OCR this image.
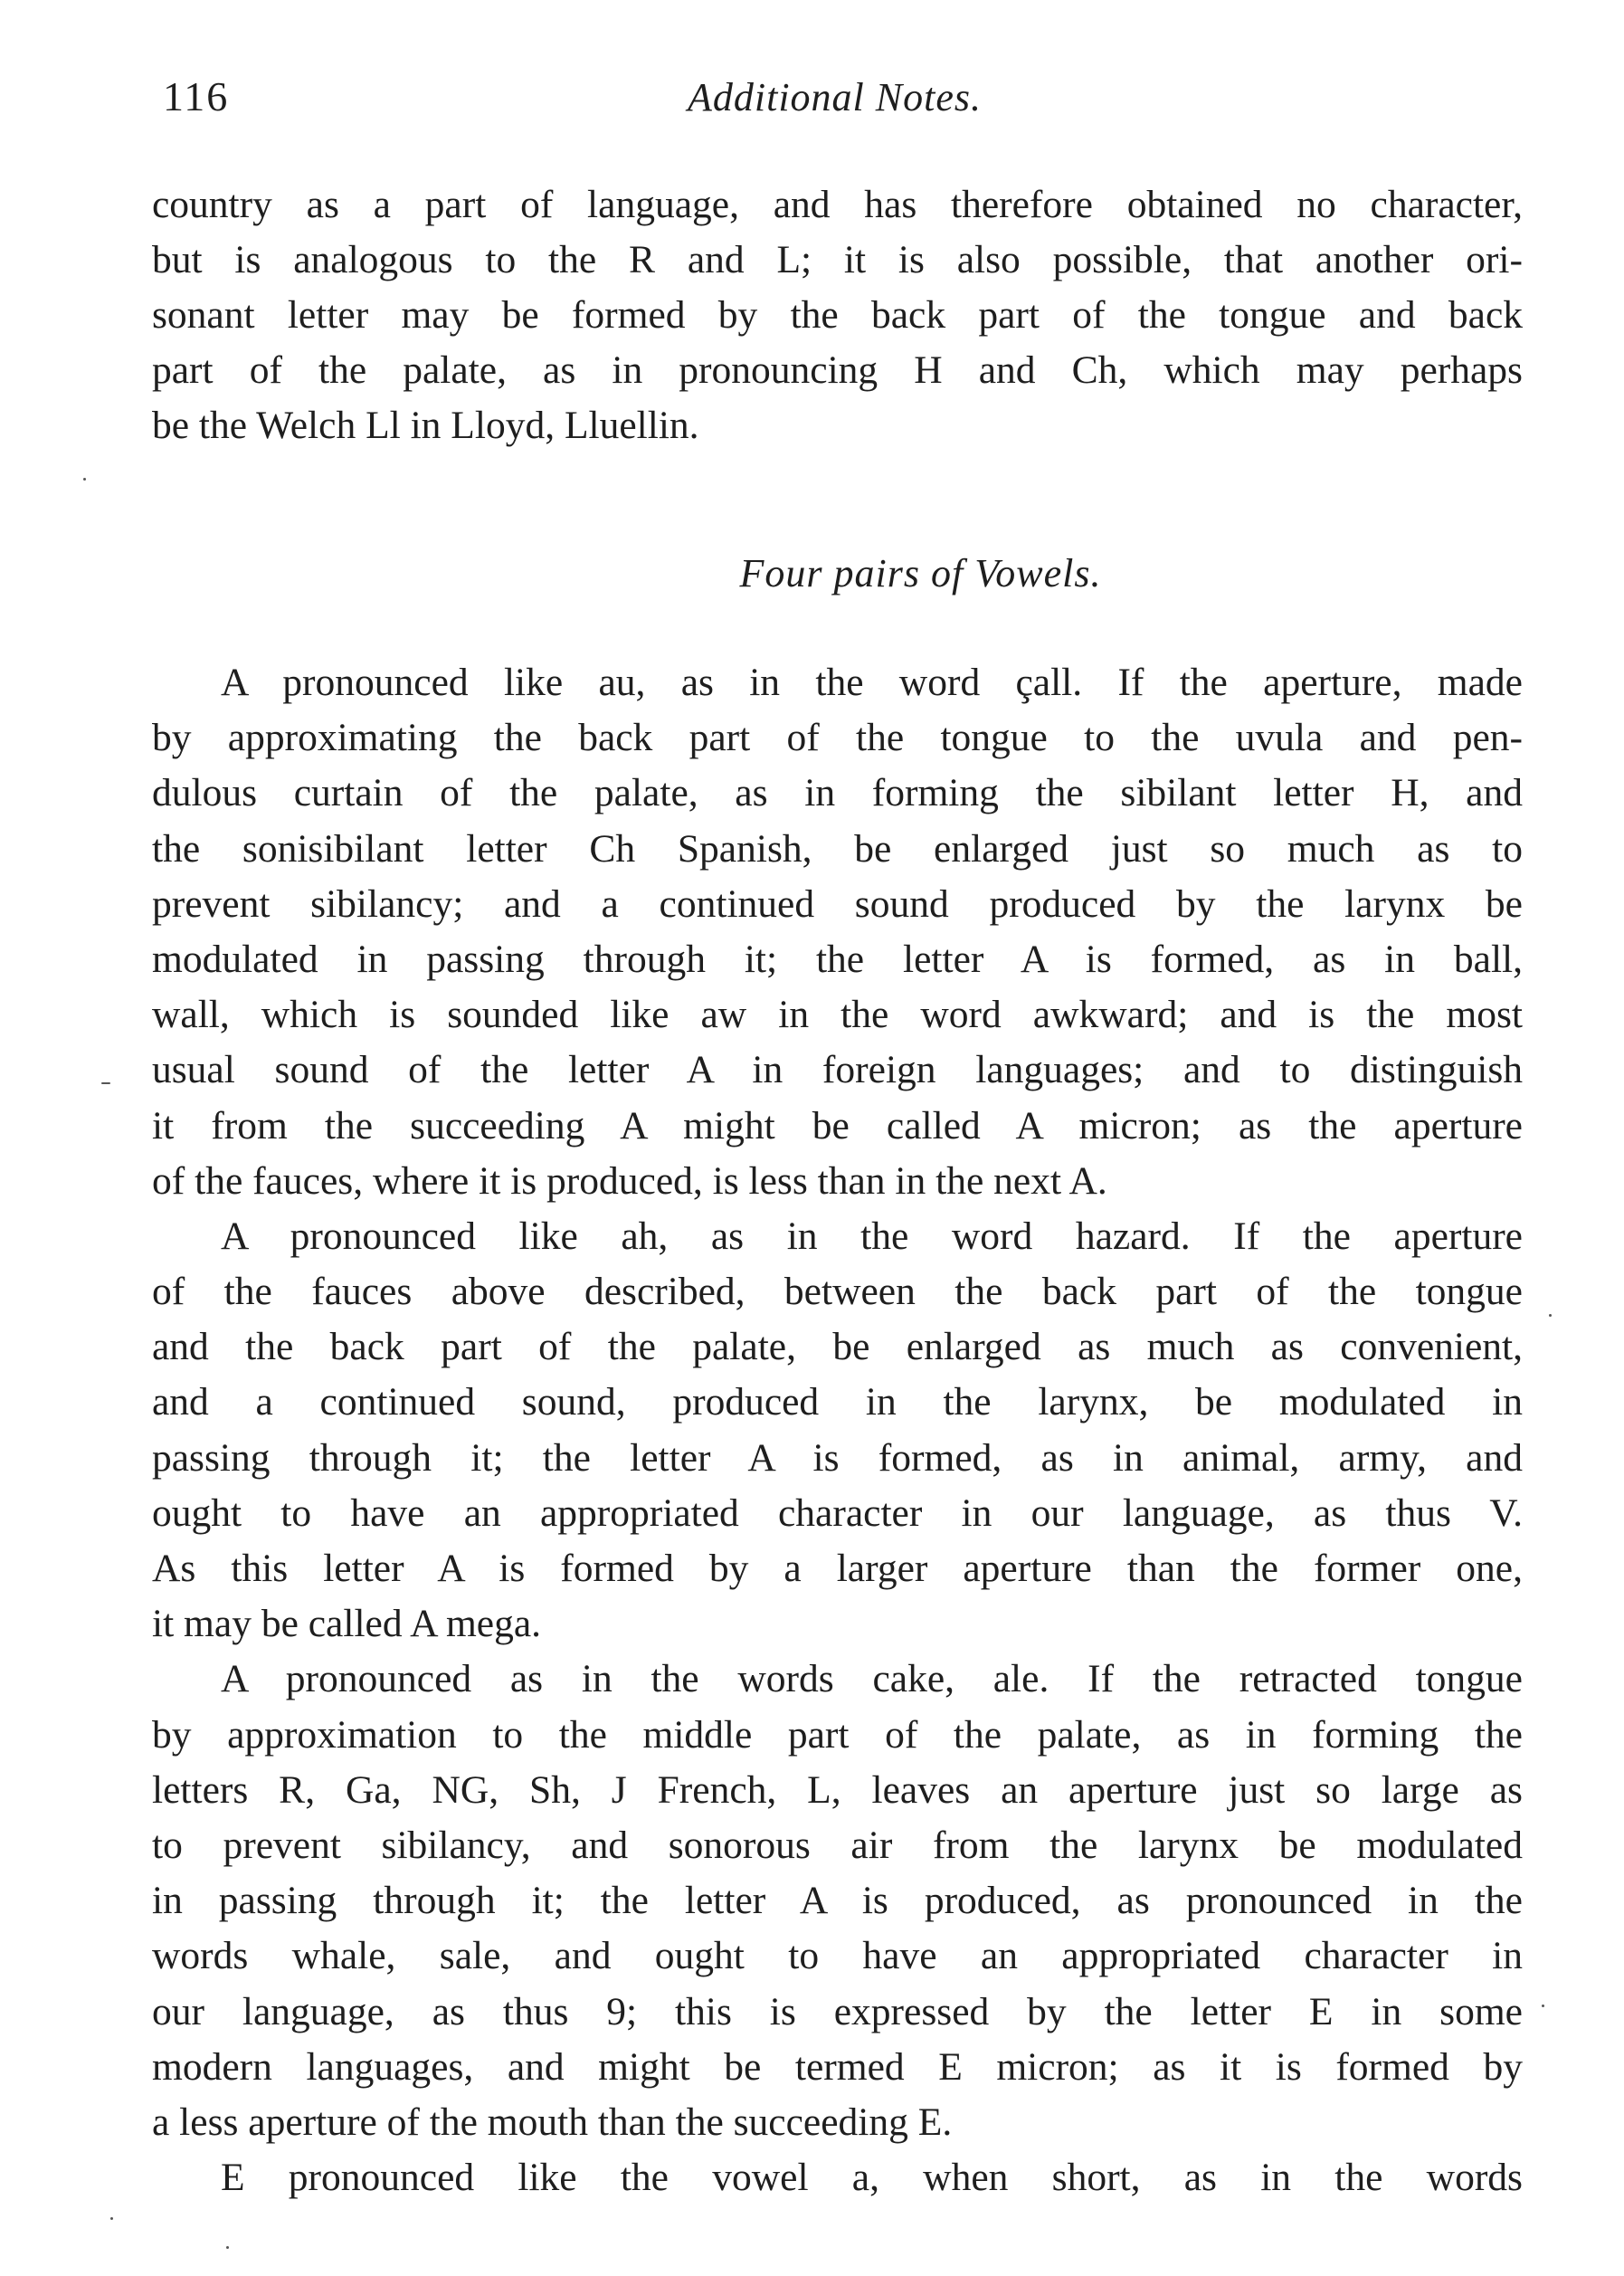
116	Additional Notes.
country as a part of language, and has therefore obtained no character,
but is analogous to the R and L; it is also possible, that another ori-
sonant letter may be formed by the back part of the tongue and back
part of the palate, as in pronouncing H and Ch, which may perhaps
be the Welch Ll in Lloyd, Lluellin.
Four pairs of Vowels.
A pronounced like au, as in the word çall. If the aperture, made
by approximating the back part of the tongue to the uvula and pen-
dulous curtain of the palate, as in forming the sibilant letter H, and
the sonisibilant letter Ch Spanish, be enlarged just so much as to
prevent sibilancy; and a continued sound produced by the larynx be
modulated in passing through it; the letter A is formed, as in ball,
wall, which is sounded like aw in the word awkward; and is the most
usual sound of the letter A in foreign languages; and to distinguish
it from the succeeding A might be called A micron; as the aperture
of the fauces, where it is produced, is less than in the next A.
A pronounced like ah, as in the word hazard. If the aperture
of the fauces above described, between the back part of the tongue
and the back part of the palate, be enlarged as much as convenient,
and a continued sound, produced in the larynx, be modulated in
passing through it; the letter A is formed, as in animal, army, and
ought to have an appropriated character in our language, as thus V.
As this letter A is formed by a larger aperture than the former one,
it may be called A mega.
A pronounced as in the words cake, ale. If the retracted tongue
by approximation to the middle part of the palate, as in forming the
letters R, Ga, NG, Sh, J French, L, leaves an aperture just so large as
to prevent sibilancy, and sonorous air from the larynx be modulated
in passing through it; the letter A is produced, as pronounced in the
words whale, sale, and ought to have an appropriated character in
our language, as thus 9; this is expressed by the letter E in some
modern languages, and might be termed E micron; as it is formed by
a less aperture of the mouth than the succeeding E.
E pronounced like the vowel a, when short, as in the words
